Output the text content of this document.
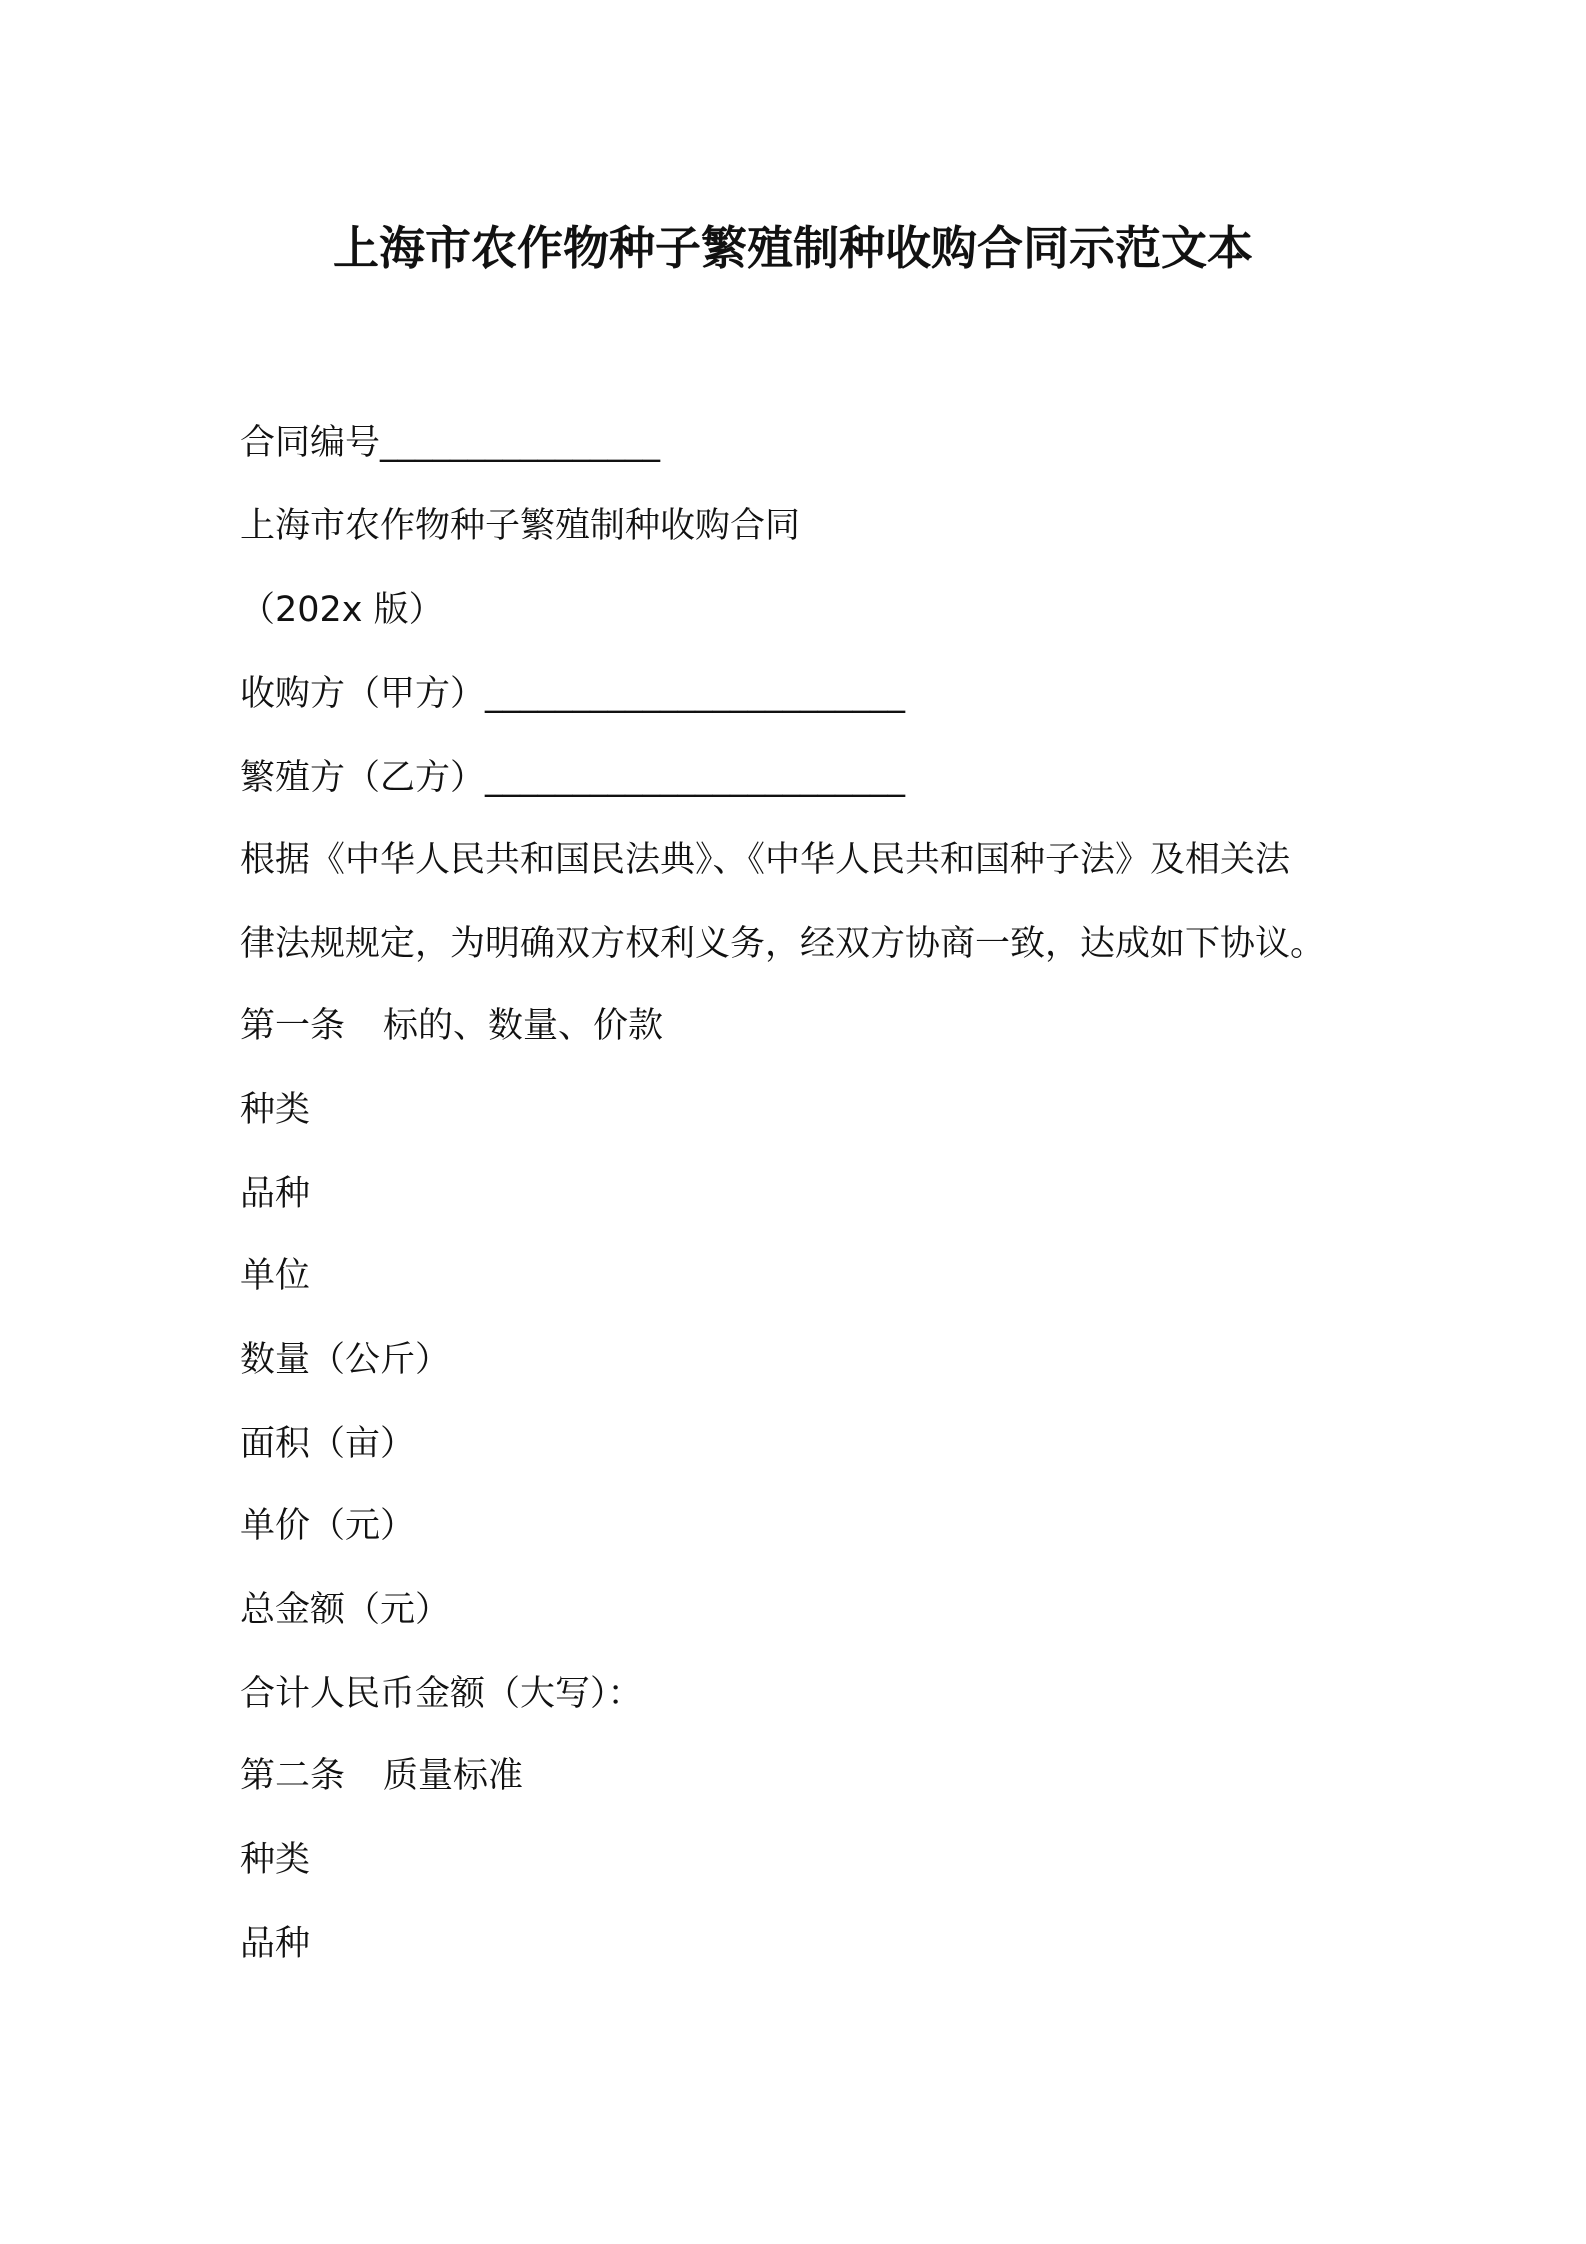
上海市农作物种子繁殖制种收购合同示范文本
合同编号________________
上海市农作物种子繁殖制种收购合同
（202x 版）
收购方（甲方）________________________
繁殖方（乙方）________________________
根据《中华人民共和国民法典》、《中华人民共和国种子法》及相关法
律法规规定，为明确双方权利义务，经双方协商一致，达成如下协议。
第一条 标的、数量、价款
种类
品种
单位
数量（公斤）
面积（亩）
单价（元）
总金额（元）
合计人民币金额（大写）：
第二条 质量标准
种类
品种
